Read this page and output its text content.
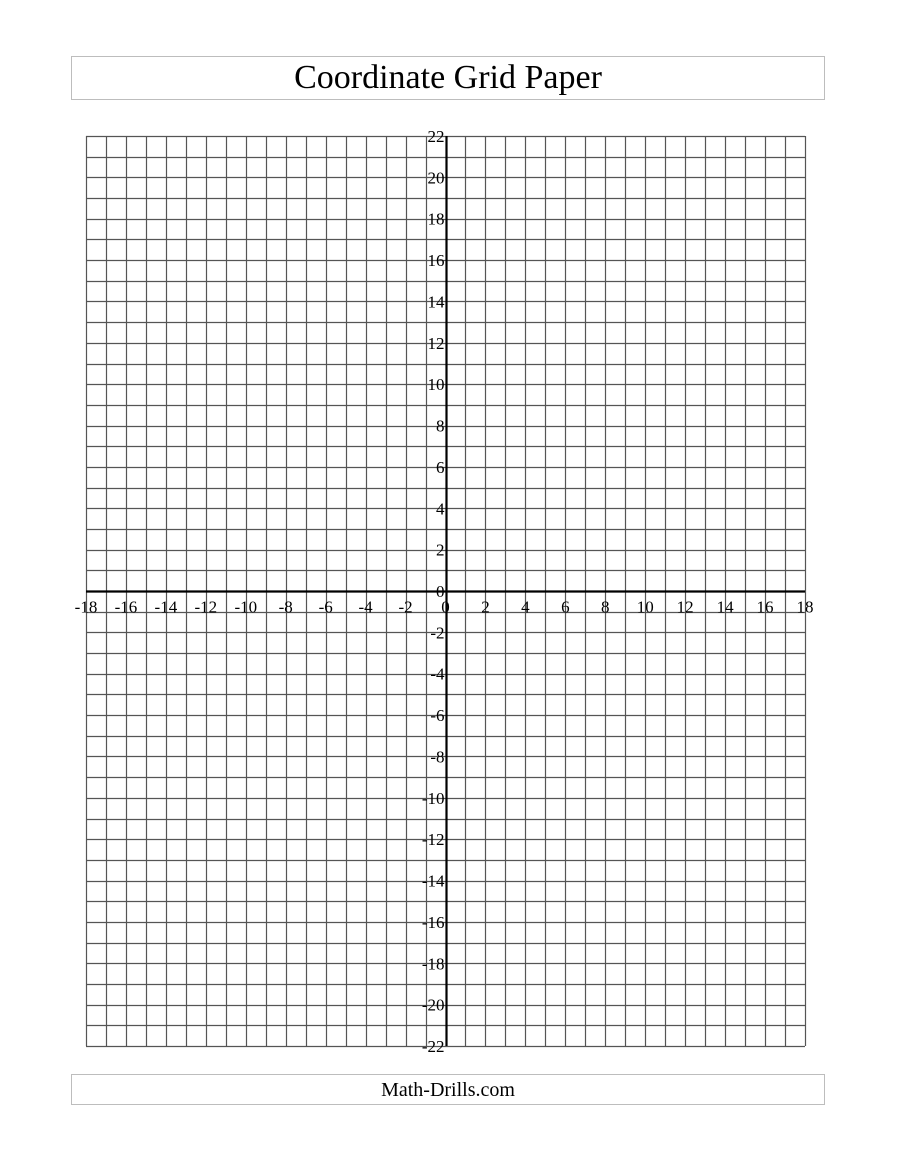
Coordinate Grid Paper
-18 -16 -14 -12 -10 -8 -6 -4 -2 0 2 4 6 8 10 12 14 16 18
22
20
18
16
14
12
10
8
6
4
2
0
-2
-4
-6
-8
-10
-12
-14
-16
-18
-20
-22
Math-Drills.com
